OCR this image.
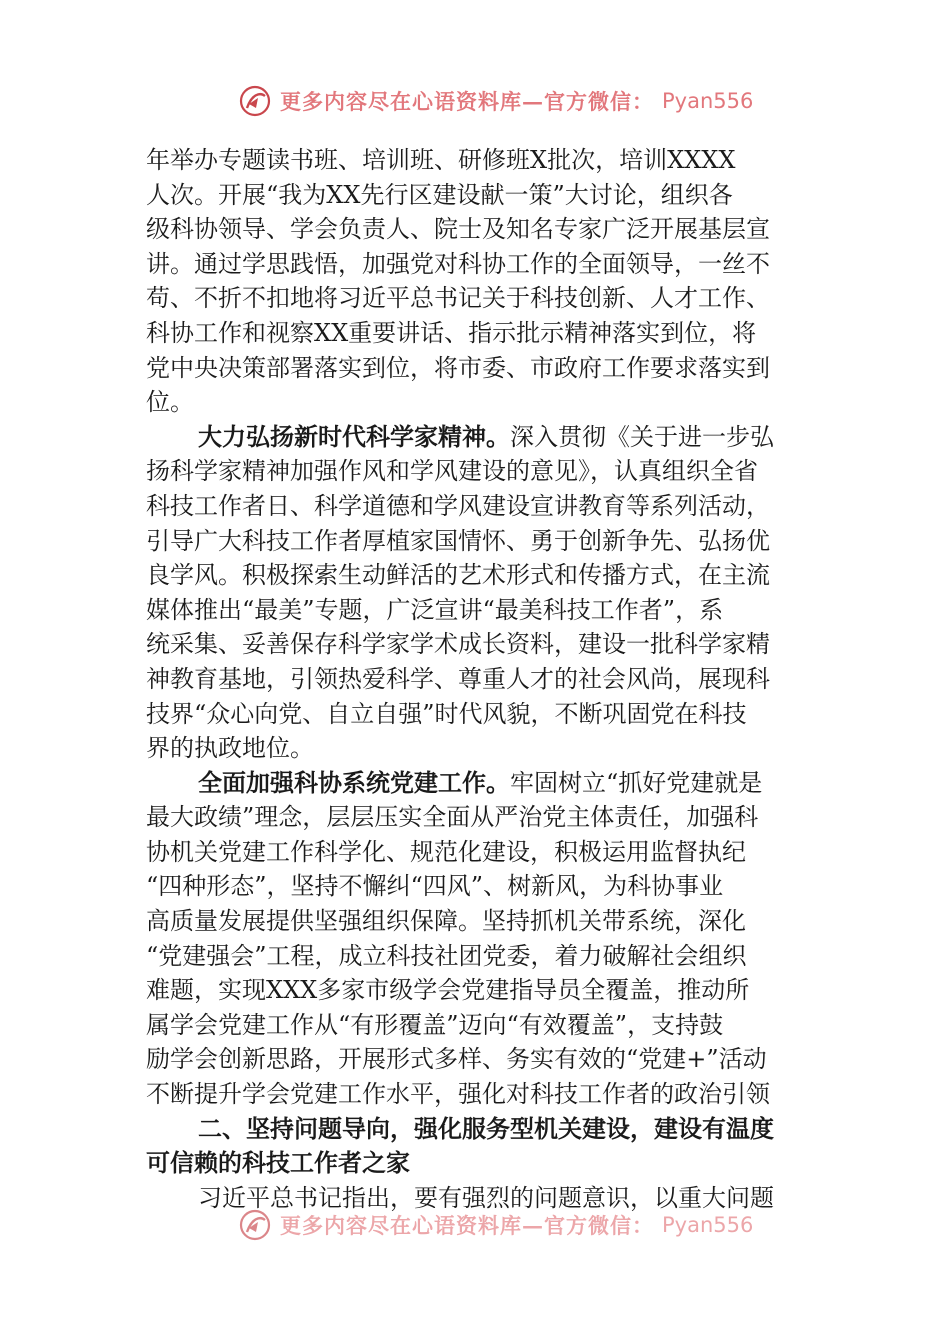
更多内容尽在心语资料库—官方微信： Pyan556

年举办专题读书班、培训班、研修班X批次，培训XXXX
人次。开展“我为XX先行区建设献一策”大讨论，组织各
级科协领导、学会负责人、院士及知名专家广泛开展基层宣
讲。通过学思践悟，加强党对科协工作的全面领导，一丝不
苟、不折不扣地将习近平总书记关于科技创新、人才工作、
科协工作和视察XX重要讲话、指示批示精神落实到位，将
党中央决策部署落实到位，将市委、市政府工作要求落实到
位。

大力弘扬新时代科学家精神。深入贯彻《关于进一步弘
扬科学家精神加强作风和学风建设的意见》，认真组织全省
科技工作者日、科学道德和学风建设宣讲教育等系列活动，
引导广大科技工作者厚植家国情怀、勇于创新争先、弘扬优
良学风。积极探索生动鲜活的艺术形式和传播方式，在主流
媒体推出“最美”专题，广泛宣讲“最美科技工作者”，系
统采集、妥善保存科学家学术成长资料，建设一批科学家精
神教育基地，引领热爱科学、尊重人才的社会风尚，展现科
技界“众心向党、自立自强”时代风貌，不断巩固党在科技
界的执政地位。

全面加强科协系统党建工作。牢固树立“抓好党建就是
最大政绩”理念，层层压实全面从严治党主体责任，加强科
协机关党建工作科学化、规范化建设，积极运用监督执纪
“四种形态”，坚持不懈纠“四风”、树新风，为科协事业
高质量发展提供坚强组织保障。坚持抓机关带系统，深化
“党建强会”工程，成立科技社团党委，着力破解社会组织
难题，实现XXX多家市级学会党建指导员全覆盖，推动所
属学会党建工作从“有形覆盖”迈向“有效覆盖”，支持鼓
励学会创新思路，开展形式多样、务实有效的“党建+”活动
不断提升学会党建工作水平，强化对科技工作者的政治引领

二、坚持问题导向，强化服务型机关建设，建设有温度
可信赖的科技工作者之家

习近平总书记指出，要有强烈的问题意识，以重大问题

更多内容尽在心语资料库—官方微信： Pyan556
